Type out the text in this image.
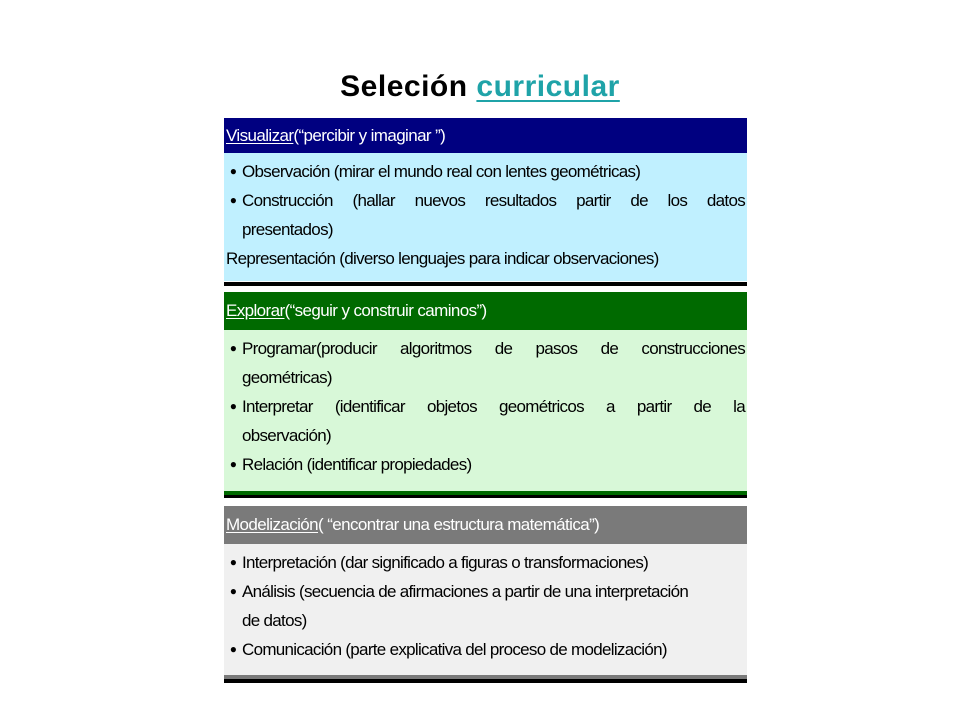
Seleción curricular
Visualizar (“percibir y imaginar ”)
● Observación (mirar el mundo real con lentes geométricas)
● Construcción (hallar nuevos resultados partir de los datos
presentados)
Representación (diverso lenguajes para indicar observaciones)
Explorar (“seguir y construir caminos”)
● Programar(producir algoritmos de pasos de construcciones
geométricas)
● Interpretar (identificar objetos geométricos a partir de la
observación)
● Relación (identificar propiedades)
Modelización ( “encontrar una estructura matemática”)
● Interpretación (dar significado a figuras o transformaciones)
● Análisis (secuencia de afirmaciones a partir de una interpretación
de datos)
● Comunicación (parte explicativa del proceso de modelización)
